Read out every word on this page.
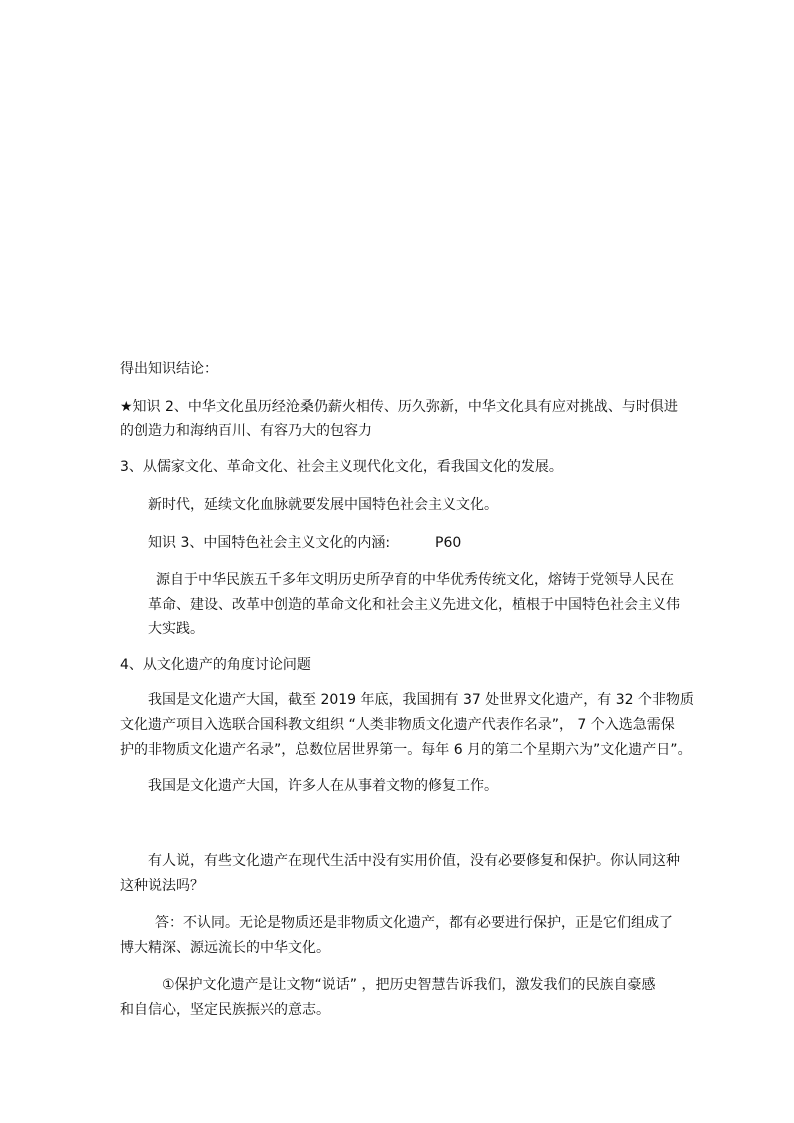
得出知识结论：
★知识 2、中华文化虽历经沧桑仍薪火相传、历久弥新，中华文化具有应对挑战、与时俱进
的创造力和海纳百川、有容乃大的包容力
3、从儒家文化、革命文化、社会主义现代化文化，看我国文化的发展。
新时代，延续文化血脉就要发展中国特色社会主义文化。
知识 3、中国特色社会主义文化的内涵:	P60
源自于中华民族五千多年文明历史所孕育的中华优秀传统文化，熔铸于党领导人民在
革命、建设、改革中创造的革命文化和社会主义先进文化，植根于中国特色社会主义伟
大实践。
4、从文化遗产的角度讨论问题
我国是文化遗产大国，截至 2019 年底，我国拥有 37 处世界文化遗产，有 32 个非物质
文化遗产项目入选联合国科教文组织 “人类非物质文化遗产代表作名录”， 7 个入选急需保
护的非物质文化遗产名录”，总数位居世界第一。每年 6 月的第二个星期六为”文化遗产日”。
我国是文化遗产大国，许多人在从事着文物的修复工作。
有人说，有些文化遗产在现代生活中没有实用价值，没有必要修复和保护。你认同这种
这种说法吗？
答：不认同。无论是物质还是非物质文化遗产，都有必要进行保护，正是它们组成了
博大精深、源远流长的中华文化。
①保护文化遗产是让文物“说话” ，把历史智慧告诉我们，激发我们的民族自豪感
和自信心，坚定民族振兴的意志。
